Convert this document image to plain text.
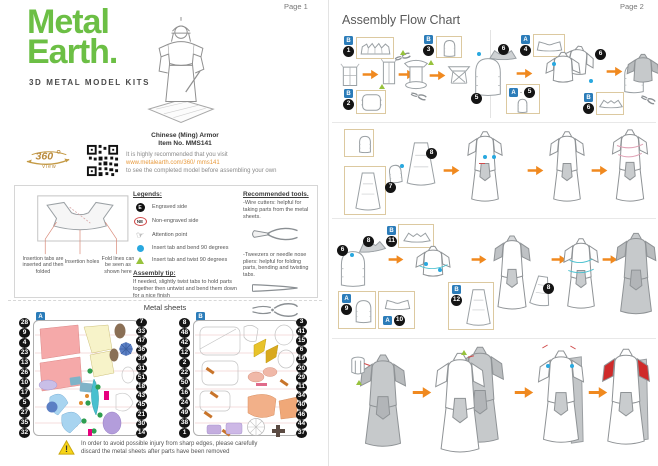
Page 1
Metal
Earth.
3D METAL MODEL KITS
Chinese (Ming) Armor
Item No. MMS141
It is highly recommended that you visit
www.metalearth.com/360/ mms141
to see the completed model before assembling your own
Insertion tabs are inserted and then folded
Insertion holes Fold lines can be seen as shown here
Legends:
E	Engraved side
NE	Non-engraved side
☞ Attention point
Insert tab and bend 90 degrees
Insert tab and twist 90 degrees
Assembly tip:
If needed, slightly twist tabs to hold parts together then untwist and bend them down for a nice finish
Recommended tools.
-Wire cutters: helpful for taking parts from the metal sheets.
-Tweezers or needle nose pliers: helpful for folding parts, bending and twisting tabs.

Metal sheets
A
28
9
4
23
13
26
10
17
5
27
35
32
7
33
47
36
39
31
51
18
43
45
21
30
14
B
8
48
42
12
2
22
50
16
24
49
38
1
3
41
15
6
19
20
29
11
34
40
46
44
37
In order to avoid possible injury from sharp edges, please carefully
discard the metal sheets after parts have been removed
Page 2
Assembly Flow Chart
B
1
B
2
B
3	6
5
A
4
6
A - 5
B
6
7
8
6
8
B
11
A
9
A 10
B
12
8
